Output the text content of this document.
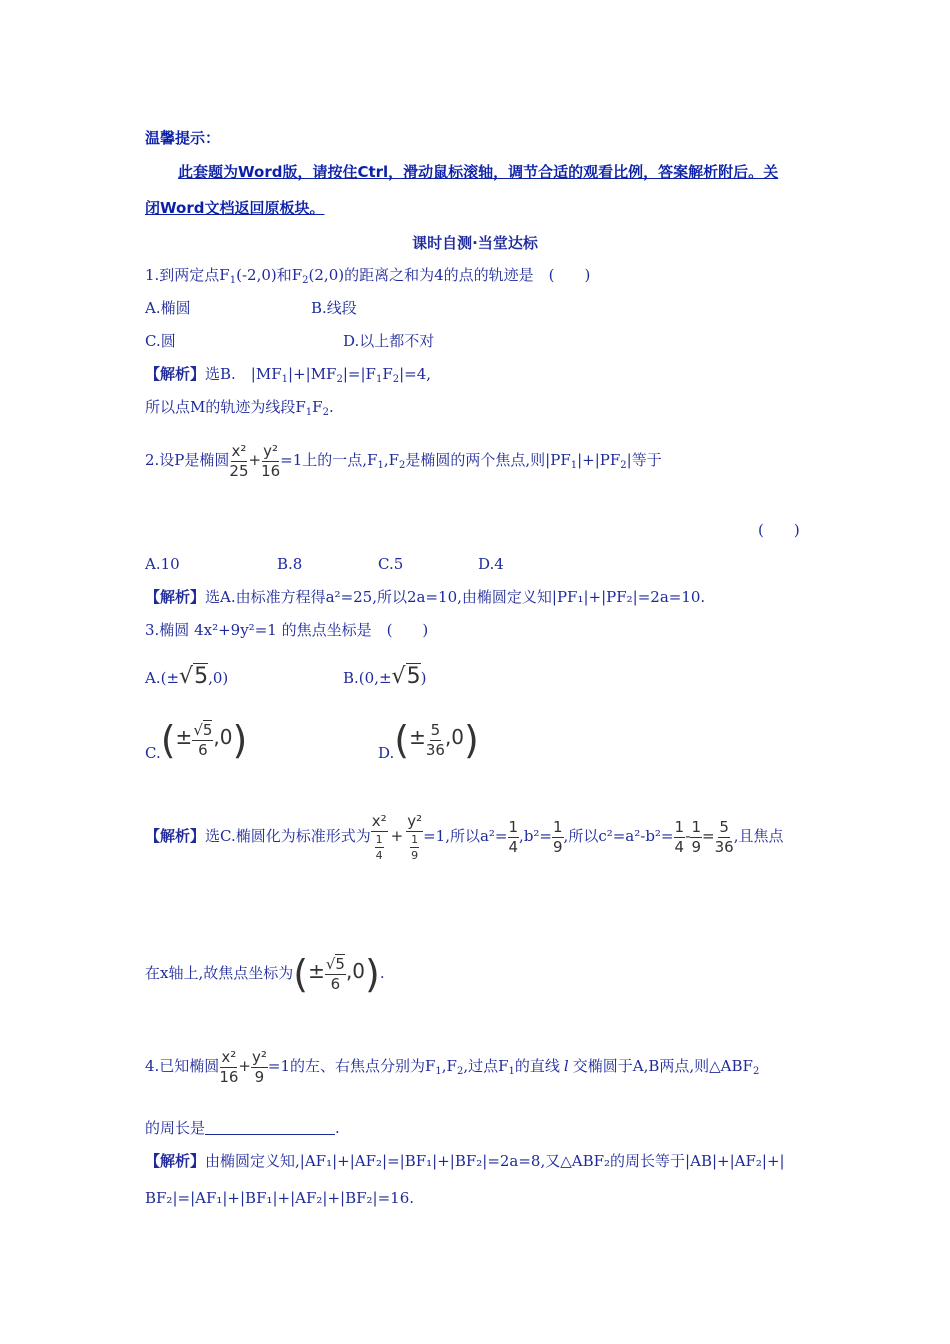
温馨提示：
此套题为Word版，请按住Ctrl，滑动鼠标滚轴，调节合适的观看比例，答案解析附后。关
闭Word文档返回原板块。
课时自测·当堂达标
1.到两定点$F_1(-2,0)$和$F_2(2,0)$的距离之和为4的点的轨迹是　(　　)
A.椭圆	B.线段
C.圆	D.以上都不对
【解析】选B.　$|MF_1|+|MF_2|=|F_1F_2|=4$,
所以点M的轨迹为线段$F_1F_2$.
2.设P是椭圆 $\frac{\text{x²}}{25} + \frac{\text{y²}}{16} =1$上的一点$,F_1,F_2$是椭圆的两个焦点,则$|PF_1|+|PF_2|$等于
(　　)
A.10	B.8	C.5	D.4
【解析】选A.由标准方程得a²=25,所以2a=10,由椭圆定义知|PF₁|+|PF₂|=2a=10.
3.椭圆 4x²+9y²=1 的焦点坐标是　(　　)
A.(±√5,0)	B.(0,±√5)
$C.(\pm \frac{√5}{6} ,0)$	$D.(\pm \frac{5}{36} ,0)$
【解析】选C.椭圆化为标准形式为 $\frac{\text{x²}}{\frac{1}{4}} + \frac{\text{y²}}{\frac{1}{9}} =1$,所以$a^2= \frac{1}{4} ,b^2= \frac{1}{9}$ ,所以$c^2=a^2-b^2= \frac{1}{4} - \frac{1}{9} = \frac{5}{36}$ ,且焦点
在x轴上,故焦点坐标为(± $\frac{√5}{6} ,0$).
4.已知椭圆 $\frac{\text{x²}}{16} + \frac{\text{y²}}{9} =1$的左、右焦点分别为$F_1,F_2$,过点$F_1$的直线 l 交椭圆于A,B两点,则$\triangle ABF_2$
的周长是	.
【解析】由椭圆定义知,|AF₁|+|AF₂|=|BF₁|+|BF₂|=2a=8,又△ABF₂的周长等于|AB|+|AF₂|+|
BF₂|=|AF₁|+|BF₁|+|AF₂|+|BF₂|=16.
